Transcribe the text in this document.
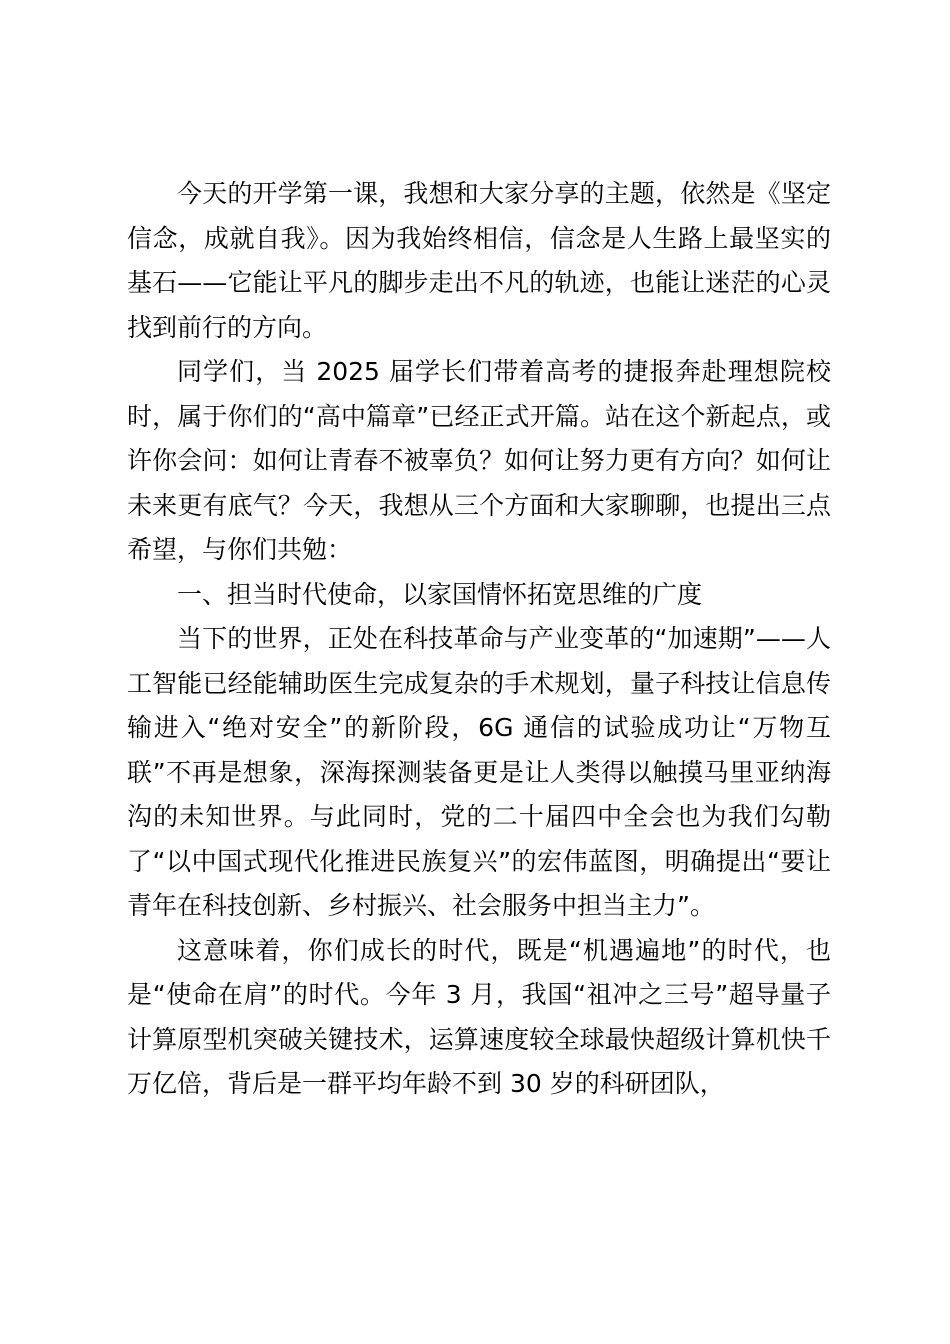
今天的开学第一课，我想和大家分享的主题，依然是《坚定信念，成就自我》。因为我始终相信，信念是人生路上最坚实的基石——它能让平凡的脚步走出不凡的轨迹，也能让迷茫的心灵找到前行的方向。

同学们，当 2025 届学长们带着高考的捷报奔赴理想院校时，属于你们的“高中篇章”已经正式开篇。站在这个新起点，或许你会问：如何让青春不被辜负？如何让努力更有方向？如何让未来更有底气？今天，我想从三个方面和大家聊聊，也提出三点希望，与你们共勉：

一、担当时代使命，以家国情怀拓宽思维的广度

当下的世界，正处在科技革命与产业变革的“加速期”——人工智能已经能辅助医生完成复杂的手术规划，量子科技让信息传输进入“绝对安全”的新阶段，6G 通信的试验成功让“万物互联”不再是想象，深海探测装备更是让人类得以触摸马里亚纳海沟的未知世界。与此同时，党的二十届四中全会也为我们勾勒了“以中国式现代化推进民族复兴”的宏伟蓝图，明确提出“要让青年在科技创新、乡村振兴、社会服务中担当主力”。

这意味着，你们成长的时代，既是“机遇遍地”的时代，也是“使命在肩”的时代。今年 3 月，我国“祖冲之三号”超导量子计算原型机突破关键技术，运算速度较全球最快超级计算机快千万亿倍，背后是一群平均年龄不到 30 岁的科研团队，
